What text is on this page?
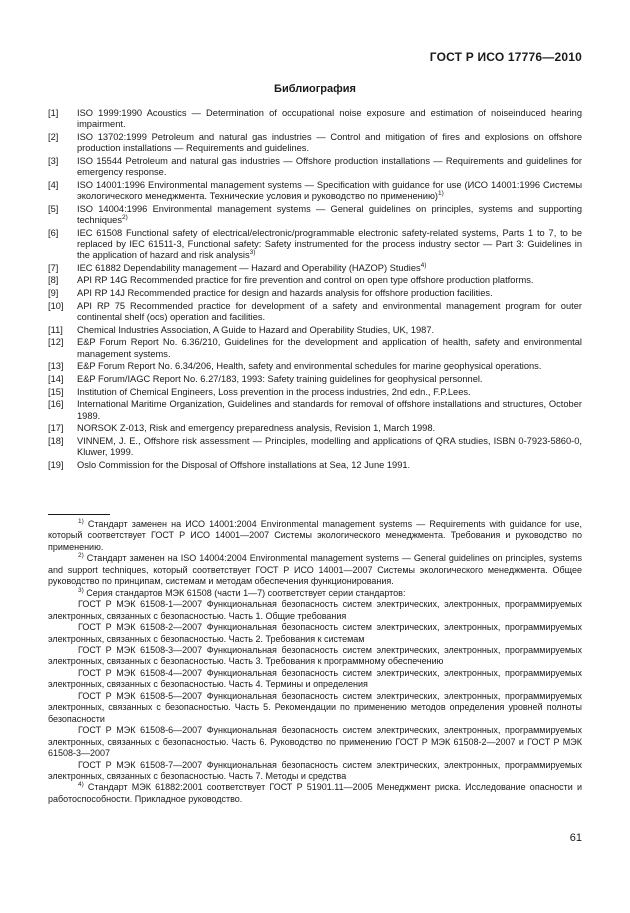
ГОСТ Р ИСО 17776—2010
Библиография
[1]	ISO 1999:1990 Acoustics — Determination of occupational noise exposure and estimation of noiseinduced hearing impairment.
[2]	ISO 13702:1999 Petroleum and natural gas industries — Control and mitigation of fires and explosions on offshore production installations — Requirements and guidelines.
[3]	ISO 15544 Petroleum and natural gas industries — Offshore production installations — Requirements and guidelines for emergency response.
[4]	ISO 14001:1996 Environmental management systems — Specification with guidance for use (ИСО 14001:1996 Системы экологического менеджмента. Технические условия и руководство по применению)$^{1)}$
[5]	ISO 14004:1996 Environmental management systems — General guidelines on principles, systems and supporting techniques$^{2)}$
[6]	IEC 61508 Functional safety of electrical/electronic/programmable electronic safety-related systems, Parts 1 to 7, to be replaced by IEC 61511-3, Functional safety: Safety instrumented for the process industry sector — Part 3: Guidelines in the application of hazard and risk analysis$^{3)}$
[7]	IEC 61882 Dependability management — Hazard and Operability (HAZOP) Studies$^{4)}$
[8]	API RP 14G Recommended practice for fire prevention and control on open type offshore production platforms.
[9]	API RP 14J Recommended practice for design and hazards analysis for offshore production facilities.
[10]	API RP 75 Recommended practice for development of a safety and environmental management program for outer continental shelf (ocs) operation and facilities.
[11]	Chemical Industries Association, A Guide to Hazard and Operability Studies, UK, 1987.
[12]	E&P Forum Report No. 6.36/210, Guidelines for the development and application of health, safety and environmental management systems.
[13]	E&P Forum Report No. 6.34/206, Health, safety and environmental schedules for marine geophysical operations.
[14]	E&P Forum/IAGC Report No. 6.27/183, 1993: Safety training guidelines for geophysical personnel.
[15]	Institution of Chemical Engineers, Loss prevention in the process industries, 2nd edn., F.P.Lees.
[16]	International Maritime Organization, Guidelines and standards for removal of offshore installations and structures, October 1989.
[17]	NORSOK Z-013, Risk and emergency preparedness analysis, Revision 1, March 1998.
[18]	VINNEM, J. E., Offshore risk assessment — Principles, modelling and applications of QRA studies, ISBN 0-7923-5860-0, Kluwer, 1999.
[19]	Oslo Commission for the Disposal of Offshore installations at Sea, 12 June 1991.

$^{1)}$ Стандарт заменен на ИСО 14001:2004 Environmental management systems — Requirements with guidance for use, который соответствует ГОСТ Р ИСО 14001—2007 Системы экологического менеджмента. Требования и руководство по применению.

$^{2)}$ Стандарт заменен на ISO 14004:2004 Environmental management systems — General guidelines on principles, systems and support techniques, который соответствует ГОСТ Р ИСО 14001—2007 Системы экологического менеджмента. Общее руководство по принципам, системам и методам обеспечения функционирования.

$^{3)}$ Серия стандартов МЭК 61508 (части 1—7) соответствует серии стандартов:

ГОСТ Р МЭК 61508-1—2007 Функциональная безопасность систем электрических, электронных, программируемых электронных, связанных с безопасностью. Часть 1. Общие требования

ГОСТ Р МЭК 61508-2—2007 Функциональная безопасность систем электрических, электронных, программируемых электронных, связанных с безопасностью. Часть 2. Требования к системам

ГОСТ Р МЭК 61508-3—2007 Функциональная безопасность систем электрических, электронных, программируемых электронных, связанных с безопасностью. Часть 3. Требования к программному обеспечению

ГОСТ Р МЭК 61508-4—2007 Функциональная безопасность систем электрических, электронных, программируемых электронных, связанных с безопасностью. Часть 4. Термины и определения

ГОСТ Р МЭК 61508-5—2007 Функциональная безопасность систем электрических, электронных, программируемых электронных, связанных с безопасностью. Часть 5. Рекомендации по применению методов определения уровней полноты безопасности

ГОСТ Р МЭК 61508-6—2007 Функциональная безопасность систем электрических, электронных, программируемых электронных, связанных с безопасностью. Часть 6. Руководство по применению ГОСТ Р МЭК 61508-2—2007 и ГОСТ Р МЭК 61508-3—2007

ГОСТ Р МЭК 61508-7—2007 Функциональная безопасность систем электрических, электронных, программируемых электронных, связанных с безопасностью. Часть 7. Методы и средства

$^{4)}$ Стандарт МЭК 61882:2001 соответствует ГОСТ Р 51901.11—2005 Менеджмент риска. Исследование опасности и работоспособности. Прикладное руководство.

61
